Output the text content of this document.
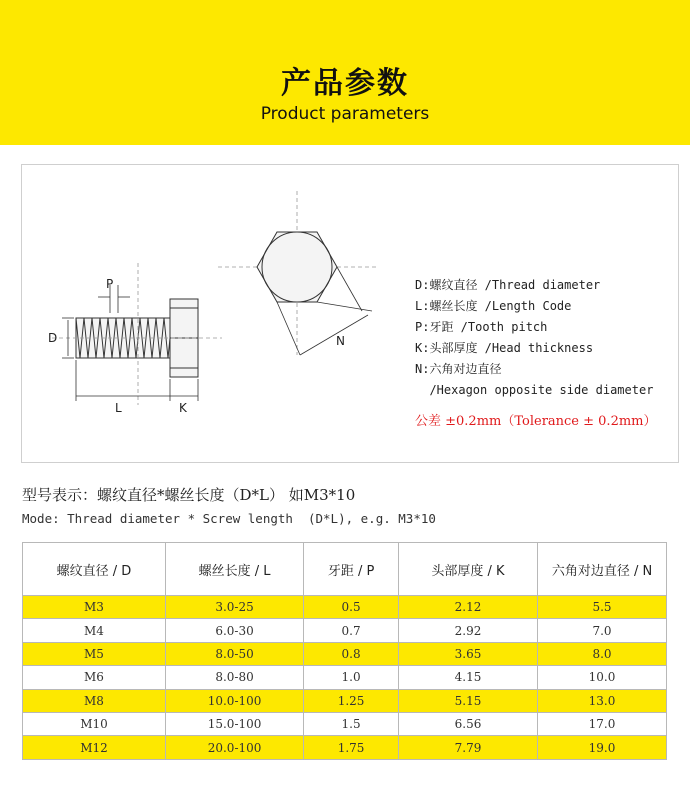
产品参数
Product parameters
P
D
L	K
N
D:螺纹直径 /Thread diameter
L:螺丝长度 /Length Code
P:牙距 /Tooth pitch
K:头部厚度 /Head thickness
N:六角对边直径
/Hexagon opposite side diameter
公差 ±0.2mm（Tolerance ± 0.2mm）
型号表示：螺纹直径*螺丝长度（D*L） 如M3*10
Mode: Thread diameter * Screw length  (D*L), e.g. M3*10
螺纹直径 / D	螺丝长度 / L	牙距 / P	头部厚度 / K	六角对边直径 / N
M3	3.0-25	0.5	2.12	5.5
M4	6.0-30	0.7	2.92	7.0
M5	8.0-50	0.8	3.65	8.0
M6	8.0-80	1.0	4.15	10.0
M8	10.0-100	1.25	5.15	13.0
M10	15.0-100	1.5	6.56	17.0
M12	20.0-100	1.75	7.79	19.0
